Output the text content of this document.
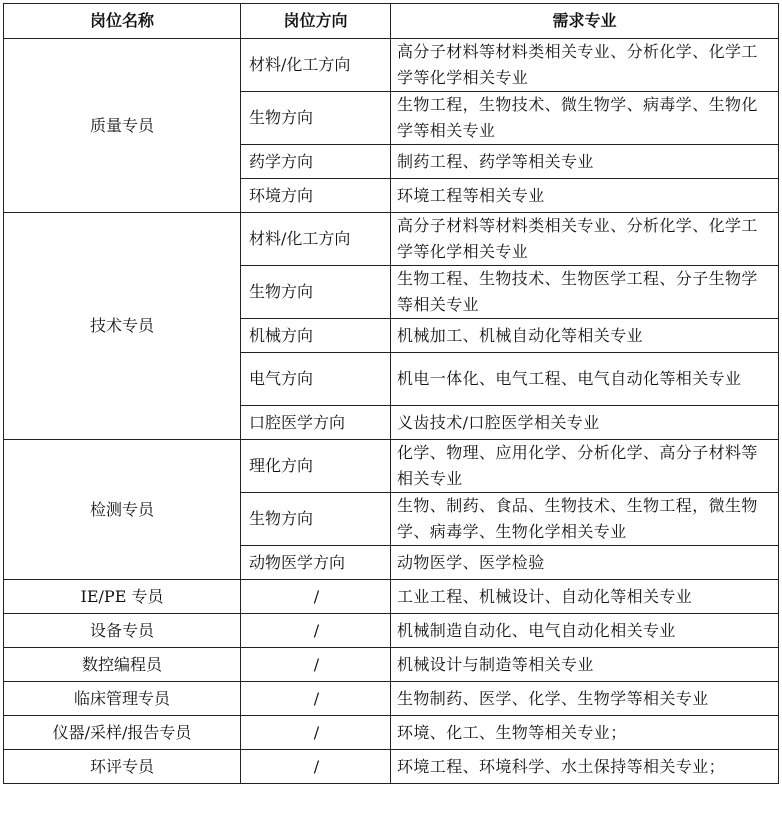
岗位名称	岗位方向	需求专业
质量专员	材料/化工方向	高分子材料等材料类相关专业、分析化学、化学工学等化学相关专业
	生物方向	生物工程，生物技术、微生物学、病毒学、生物化学等相关专业
	药学方向	制药工程、药学等相关专业
	环境方向	环境工程等相关专业
技术专员	材料/化工方向	高分子材料等材料类相关专业、分析化学、化学工学等化学相关专业
	生物方向	生物工程、生物技术、生物医学工程、分子生物学等相关专业
	机械方向	机械加工、机械自动化等相关专业
	电气方向	机电一体化、电气工程、电气自动化等相关专业
	口腔医学方向	义齿技术/口腔医学相关专业
检测专员	理化方向	化学、物理、应用化学、分析化学、高分子材料等相关专业
	生物方向	生物、制药、食品、生物技术、生物工程，微生物学、病毒学、生物化学相关专业
	动物医学方向	动物医学、医学检验
IE/PE 专员	/	工业工程、机械设计、自动化等相关专业
设备专员	/	机械制造自动化、电气自动化相关专业
数控编程员	/	机械设计与制造等相关专业
临床管理专员	/	生物制药、医学、化学、生物学等相关专业
仪器/采样/报告专员	/	环境、化工、生物等相关专业；
环评专员	/	环境工程、环境科学、水土保持等相关专业；
